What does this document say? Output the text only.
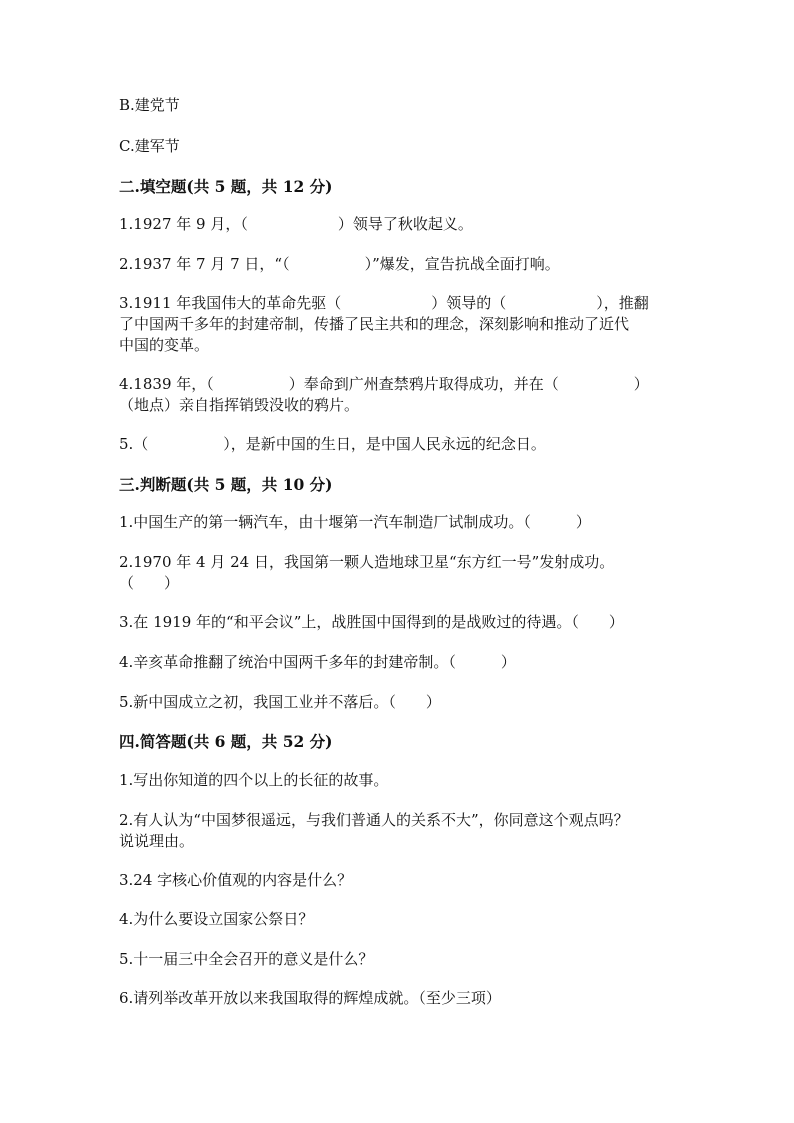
B.建党节
C.建军节
二.填空题(共 5 题，共 12 分)
1.1927 年 9 月，（　　　　　　）领导了秋收起义。
2.1937 年 7 月 7 日，“（　　　　　）”爆发，宣告抗战全面打响。
3.1911 年我国伟大的革命先驱（　　　　　　）领导的（　　　　　　），推翻
了中国两千多年的封建帝制，传播了民主共和的理念，深刻影响和推动了近代
中国的变革。
4.1839 年，（　　　　　）奉命到广州查禁鸦片取得成功，并在（　　　　　）
（地点）亲自指挥销毁没收的鸦片。
5.（　　　　　），是新中国的生日，是中国人民永远的纪念日。
三.判断题(共 5 题，共 10 分)
1.中国生产的第一辆汽车，由十堰第一汽车制造厂试制成功。（　　　）
2.1970 年 4 月 24 日，我国第一颗人造地球卫星“东方红一号”发射成功。
（　　）
3.在 1919 年的“和平会议”上，战胜国中国得到的是战败过的待遇。（　　）
4.辛亥革命推翻了统治中国两千多年的封建帝制。（　　　）
5.新中国成立之初，我国工业并不落后。（　　）
四.简答题(共 6 题，共 52 分)
1.写出你知道的四个以上的长征的故事。
2.有人认为“中国梦很遥远，与我们普通人的关系不大”，你同意这个观点吗？
说说理由。
3.24 字核心价值观的内容是什么？
4.为什么要设立国家公祭日？
5.十一届三中全会召开的意义是什么？
6.请列举改革开放以来我国取得的辉煌成就。（至少三项）
